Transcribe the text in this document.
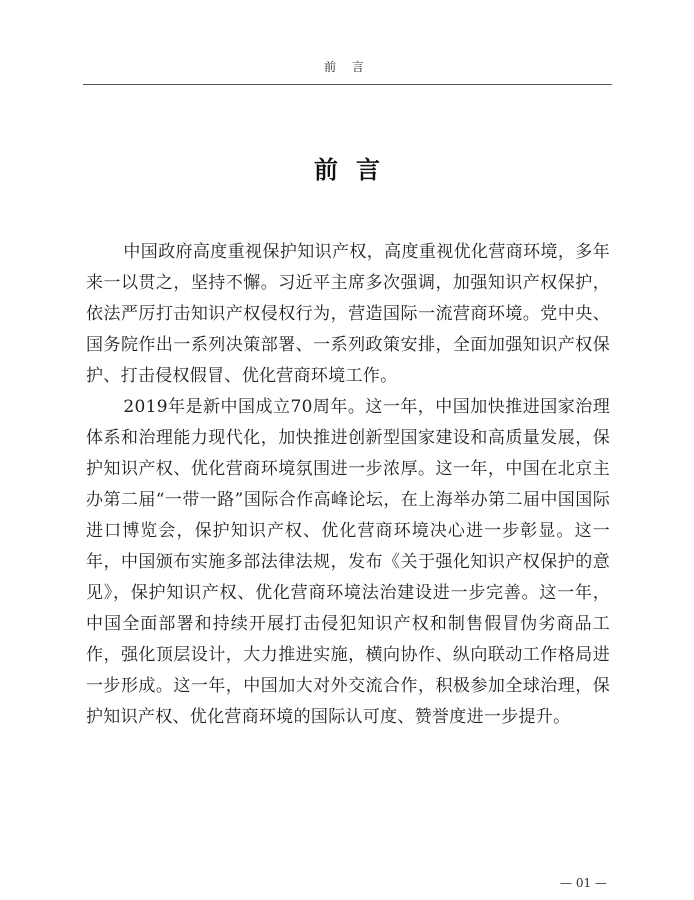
前 言
前言

中国政府高度重视保护知识产权，高度重视优化营商环境，多年来一以贯之，坚持不懈。习近平主席多次强调，加强知识产权保护，依法严厉打击知识产权侵权行为，营造国际一流营商环境。党中央、国务院作出一系列决策部署、一系列政策安排，全面加强知识产权保护、打击侵权假冒、优化营商环境工作。

2019年是新中国成立70周年。这一年，中国加快推进国家治理体系和治理能力现代化，加快推进创新型国家建设和高质量发展，保护知识产权、优化营商环境氛围进一步浓厚。这一年，中国在北京主办第二届“一带一路”国际合作高峰论坛，在上海举办第二届中国国际进口博览会，保护知识产权、优化营商环境决心进一步彰显。这一年，中国颁布实施多部法律法规，发布《关于强化知识产权保护的意见》，保护知识产权、优化营商环境法治建设进一步完善。这一年，中国全面部署和持续开展打击侵犯知识产权和制售假冒伪劣商品工作，强化顶层设计，大力推进实施，横向协作、纵向联动工作格局进一步形成。这一年，中国加大对外交流合作，积极参加全球治理，保护知识产权、优化营商环境的国际认可度、赞誉度进一步提升。

— 01 —
